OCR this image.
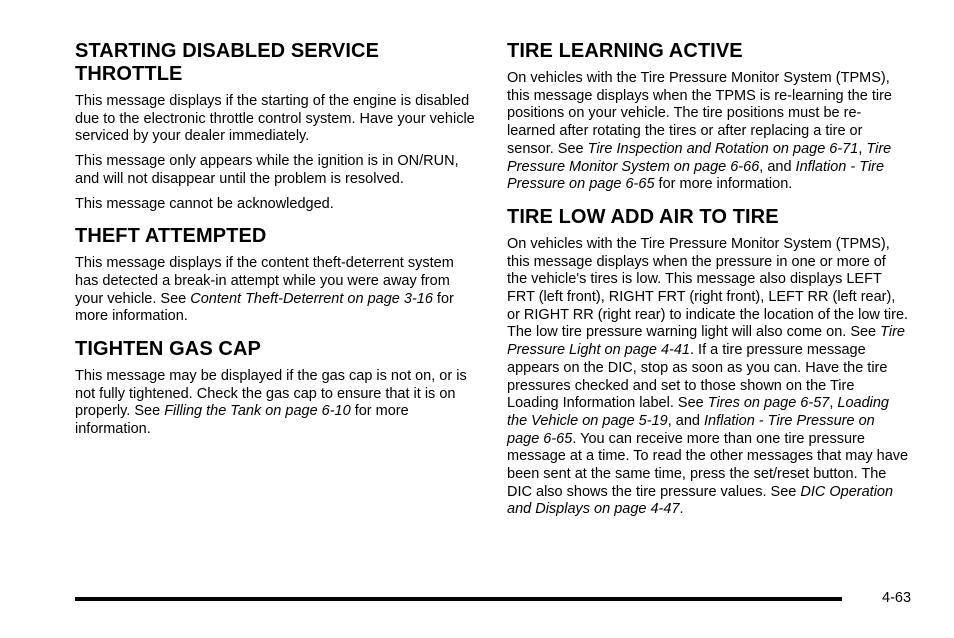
STARTING DISABLED SERVICE THROTTLE

This message displays if the starting of the engine is disabled due to the electronic throttle control system. Have your vehicle serviced by your dealer immediately.

This message only appears while the ignition is in ON/RUN, and will not disappear until the problem is resolved.

This message cannot be acknowledged.

THEFT ATTEMPTED

This message displays if the content theft-deterrent system has detected a break-in attempt while you were away from your vehicle. See Content Theft-Deterrent on page 3-16 for more information.

TIGHTEN GAS CAP

This message may be displayed if the gas cap is not on, or is not fully tightened. Check the gas cap to ensure that it is on properly. See Filling the Tank on page 6-10 for more information.

TIRE LEARNING ACTIVE

On vehicles with the Tire Pressure Monitor System (TPMS), this message displays when the TPMS is re-learning the tire positions on your vehicle. The tire positions must be re-learned after rotating the tires or after replacing a tire or sensor. See Tire Inspection and Rotation on page 6-71, Tire Pressure Monitor System on page 6-66, and Inflation - Tire Pressure on page 6-65 for more information.

TIRE LOW ADD AIR TO TIRE

On vehicles with the Tire Pressure Monitor System (TPMS), this message displays when the pressure in one or more of the vehicle's tires is low. This message also displays LEFT FRT (left front), RIGHT FRT (right front), LEFT RR (left rear), or RIGHT RR (right rear) to indicate the location of the low tire. The low tire pressure warning light will also come on. See Tire Pressure Light on page 4-41. If a tire pressure message appears on the DIC, stop as soon as you can. Have the tire pressures checked and set to those shown on the Tire Loading Information label. See Tires on page 6-57, Loading the Vehicle on page 5-19, and Inflation - Tire Pressure on page 6-65. You can receive more than one tire pressure message at a time. To read the other messages that may have been sent at the same time, press the set/reset button. The DIC also shows the tire pressure values. See DIC Operation and Displays on page 4-47.

4-63
